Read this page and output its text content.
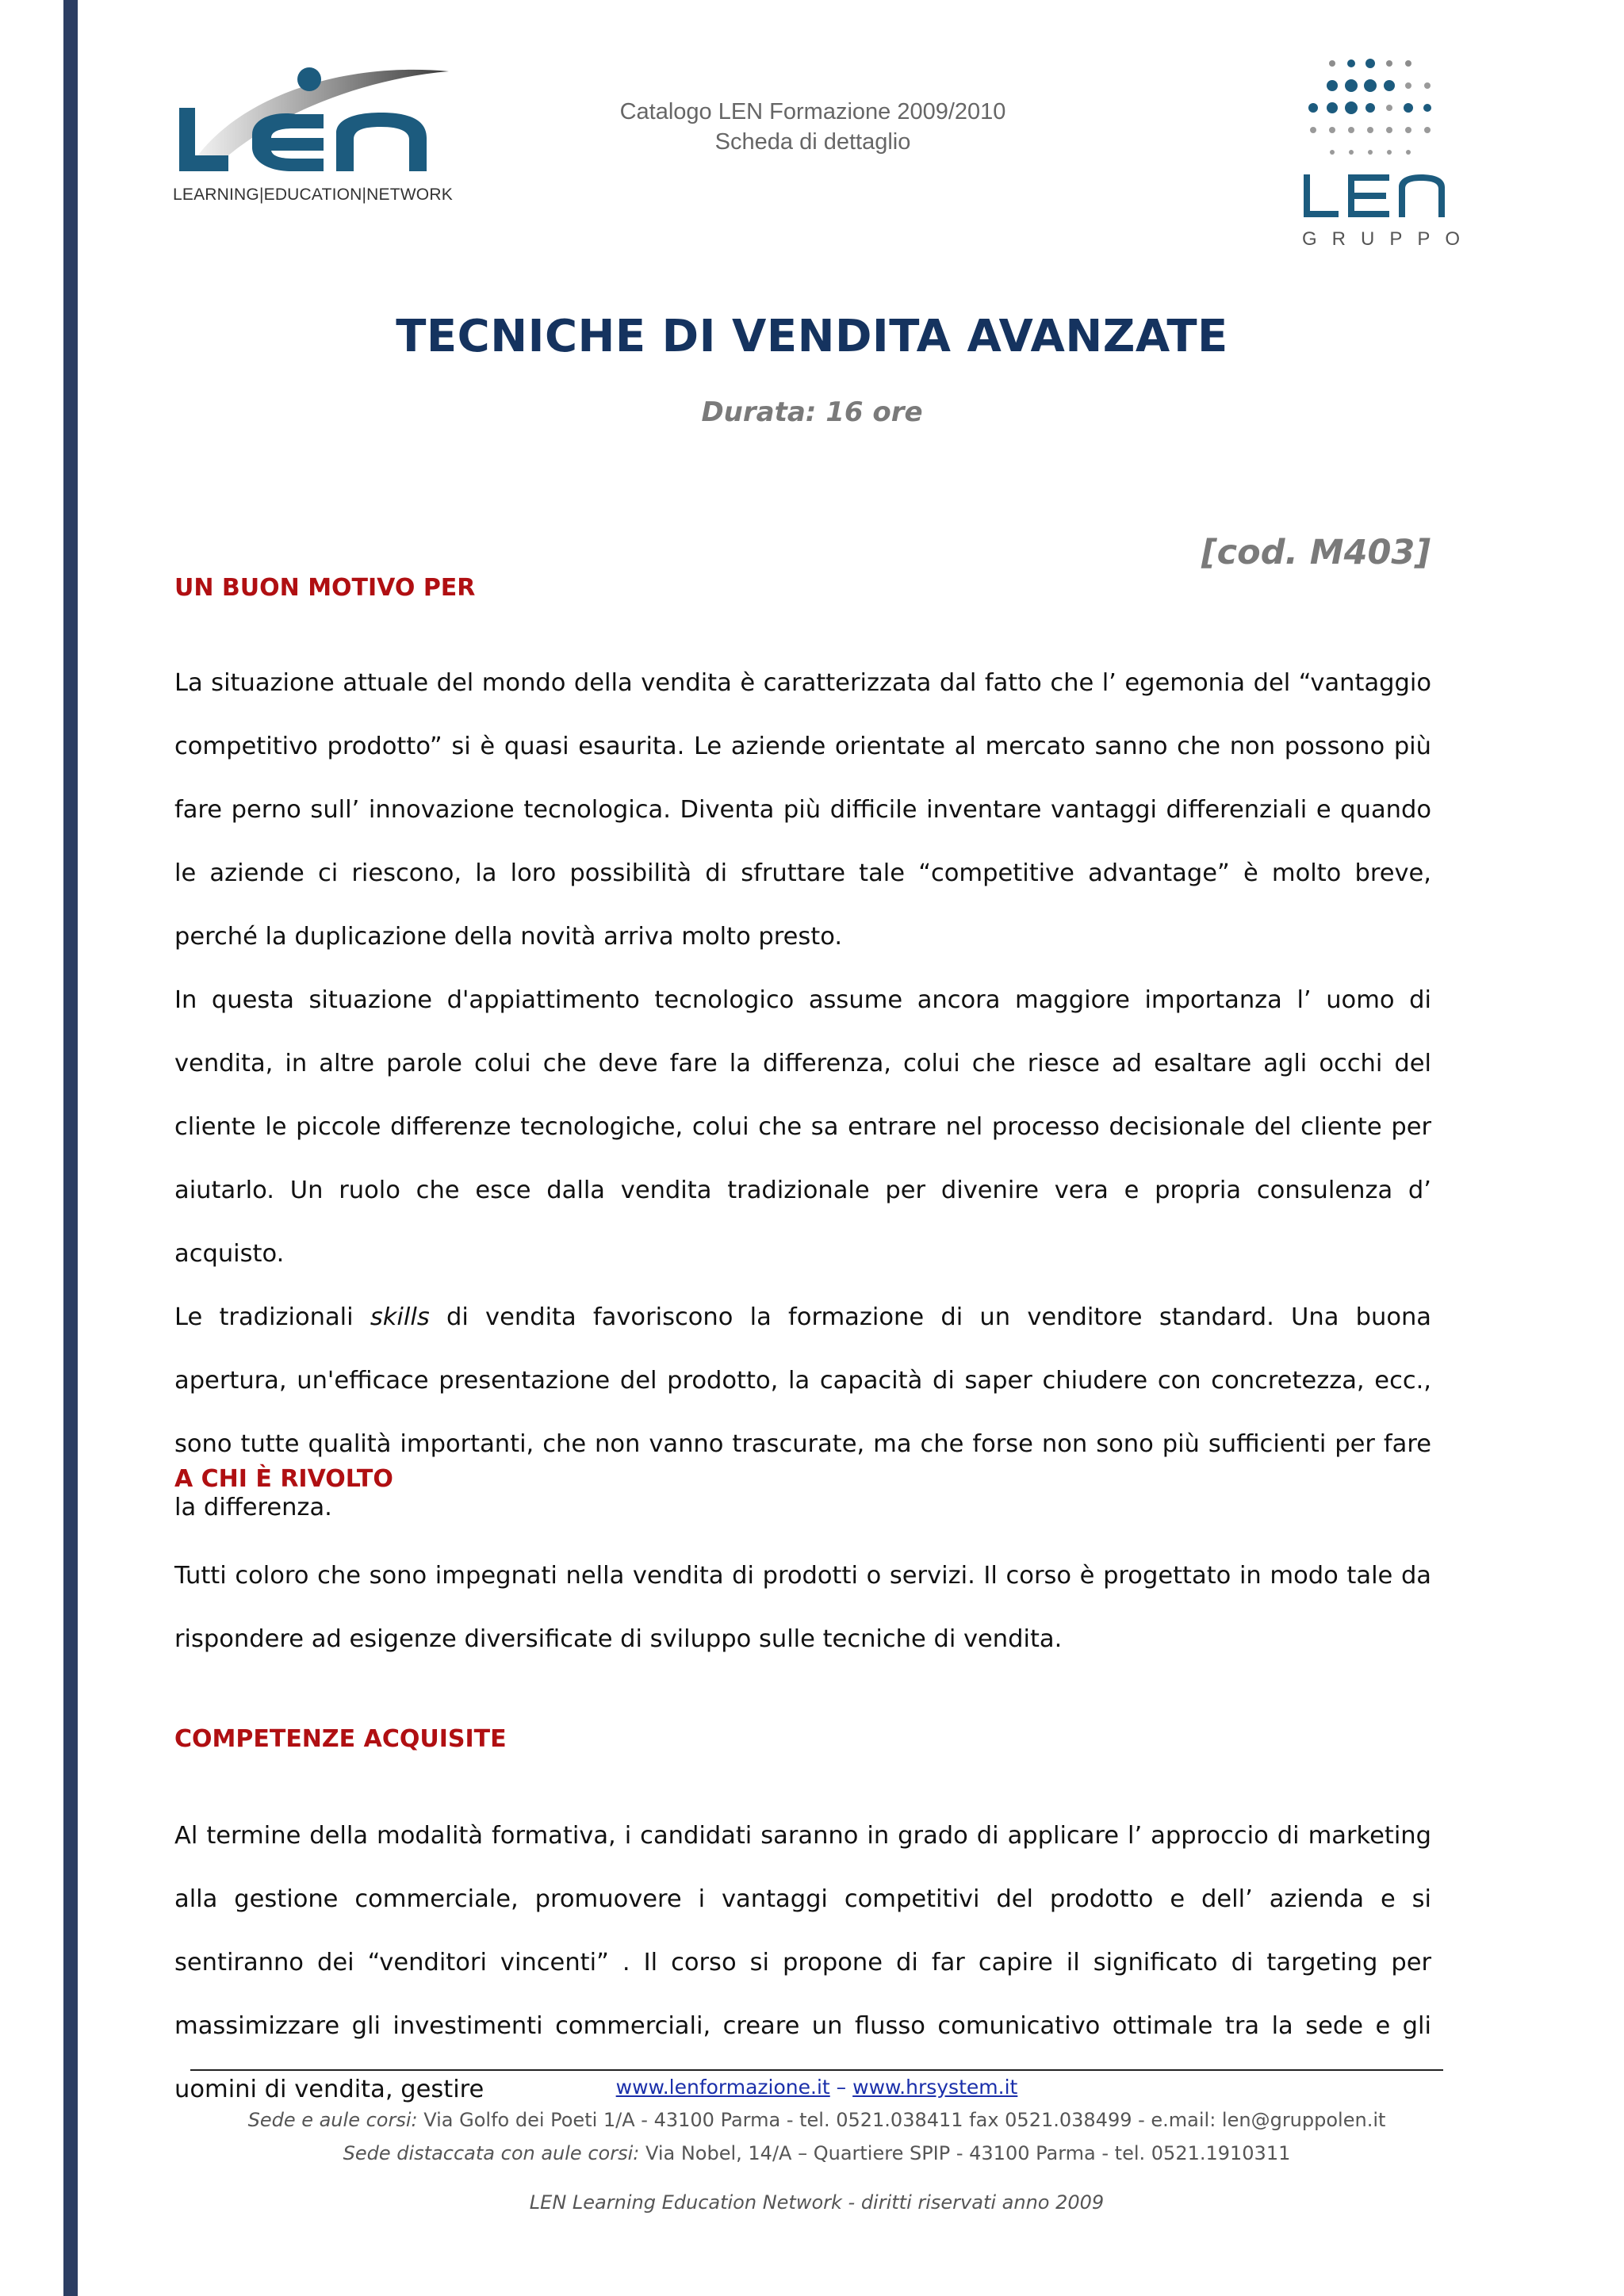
LEARNING|EDUCATION|NETWORK
Catalogo LEN Formazione 2009/2010
Scheda di dettaglio
GRUPPO
TECNICHE DI VENDITA AVANZATE
Durata: 16 ore
[cod. M403]
UN BUON MOTIVO PER

La situazione attuale del mondo della vendita è caratterizzata dal fatto che l’ egemonia del “vantaggio competitivo prodotto” si è quasi esaurita. Le aziende orientate al mercato sanno che non possono più fare perno sull’ innovazione tecnologica. Diventa più difficile inventare vantaggi differenziali e quando le aziende ci riescono, la loro possibilità di sfruttare tale “competitive advantage” è molto breve, perché la duplicazione della novità arriva molto presto.

In questa situazione d'appiattimento tecnologico assume ancora maggiore importanza l’ uomo di vendita, in altre parole colui che deve fare la differenza, colui che riesce ad esaltare agli occhi del cliente le piccole differenze tecnologiche, colui che sa entrare nel processo decisionale del cliente per aiutarlo. Un ruolo che esce dalla vendita tradizionale per divenire vera e propria consulenza d’ acquisto.

Le tradizionali skills di vendita favoriscono la formazione di un venditore standard. Una buona apertura, un'efficace presentazione del prodotto, la capacità di saper chiudere con concretezza, ecc., sono tutte qualità importanti, che non vanno trascurate, ma che forse non sono più sufficienti per fare la differenza.

A CHI È RIVOLTO

Tutti coloro che sono impegnati nella vendita di prodotti o servizi. Il corso è progettato in modo tale da rispondere ad esigenze diversificate di sviluppo sulle tecniche di vendita.

COMPETENZE ACQUISITE

Al termine della modalità formativa, i candidati saranno in grado di applicare l’ approccio di marketing alla gestione commerciale, promuovere i vantaggi competitivi del prodotto e dell’ azienda e si sentiranno dei “venditori vincenti” . Il corso si propone di far capire il significato di targeting per massimizzare gli investimenti commerciali, creare un flusso comunicativo ottimale tra la sede e gli uomini di vendita, gestire	www.lenformazione.it – www.hrsystem.it
Sede e aule corsi: Via Golfo dei Poeti 1/A - 43100 Parma - tel. 0521.038411 fax 0521.038499 - e.mail: len@gruppolen.it
Sede distaccata con aule corsi: Via Nobel, 14/A – Quartiere SPIP - 43100 Parma - tel. 0521.1910311
LEN Learning Education Network - diritti riservati anno 2009
